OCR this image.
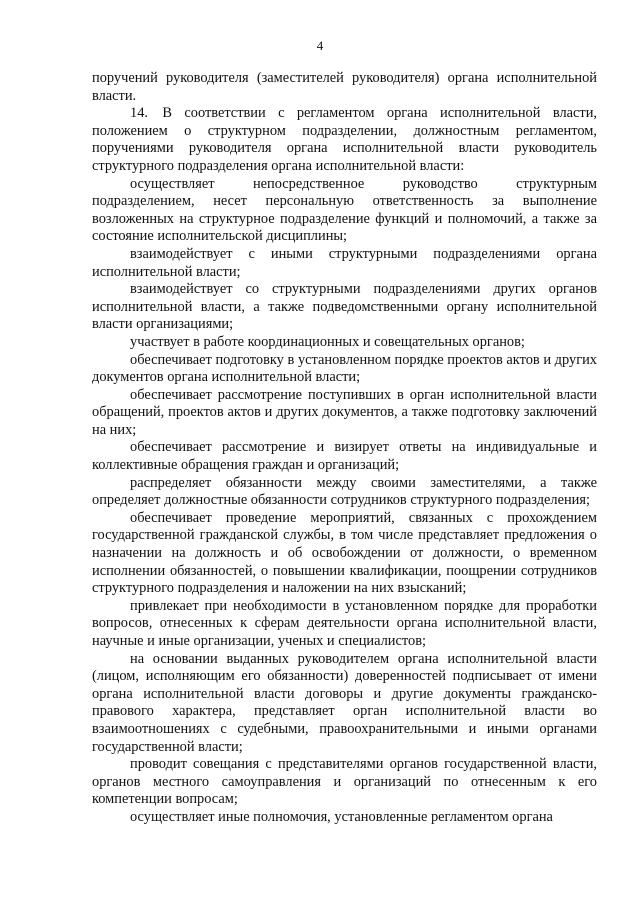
4

поручений руководителя (заместителей руководителя) органа исполнительной власти.

14. В соответствии с регламентом органа исполнительной власти, положением о структурном подразделении, должностным регламентом, поручениями руководителя органа исполнительной власти руководитель структурного подразделения органа исполнительной власти:

осуществляет непосредственное руководство структурным подразделением, несет персональную ответственность за выполнение возложенных на структурное подразделение функций и полномочий, а также за состояние исполнительской дисциплины;

взаимодействует с иными структурными подразделениями органа исполнительной власти;

взаимодействует со структурными подразделениями других органов исполнительной власти, а также подведомственными органу исполнительной власти организациями;

участвует в работе координационных и совещательных органов;

обеспечивает подготовку в установленном порядке проектов актов и других документов органа исполнительной власти;

обеспечивает рассмотрение поступивших в орган исполнительной власти обращений, проектов актов и других документов, а также подготовку заключений на них;

обеспечивает рассмотрение и визирует ответы на индивидуальные и коллективные обращения граждан и организаций;

распределяет обязанности между своими заместителями, а также определяет должностные обязанности сотрудников структурного подразделения;

обеспечивает проведение мероприятий, связанных с прохождением государственной гражданской службы, в том числе представляет предложения о назначении на должность и об освобождении от должности, о временном исполнении обязанностей, о повышении квалификации, поощрении сотрудников структурного подразделения и наложении на них взысканий;

привлекает при необходимости в установленном порядке для проработки вопросов, отнесенных к сферам деятельности органа исполнительной власти, научные и иные организации, ученых и специалистов;

на основании выданных руководителем органа исполнительной власти (лицом, исполняющим его обязанности) доверенностей подписывает от имени органа исполнительной власти договоры и другие документы гражданско-правового характера, представляет орган исполнительной власти во взаимоотношениях с судебными, правоохранительными и иными органами государственной власти;

проводит совещания с представителями органов государственной власти, органов местного самоуправления и организаций по отнесенным к его компетенции вопросам;

осуществляет иные полномочия, установленные регламентом органа
